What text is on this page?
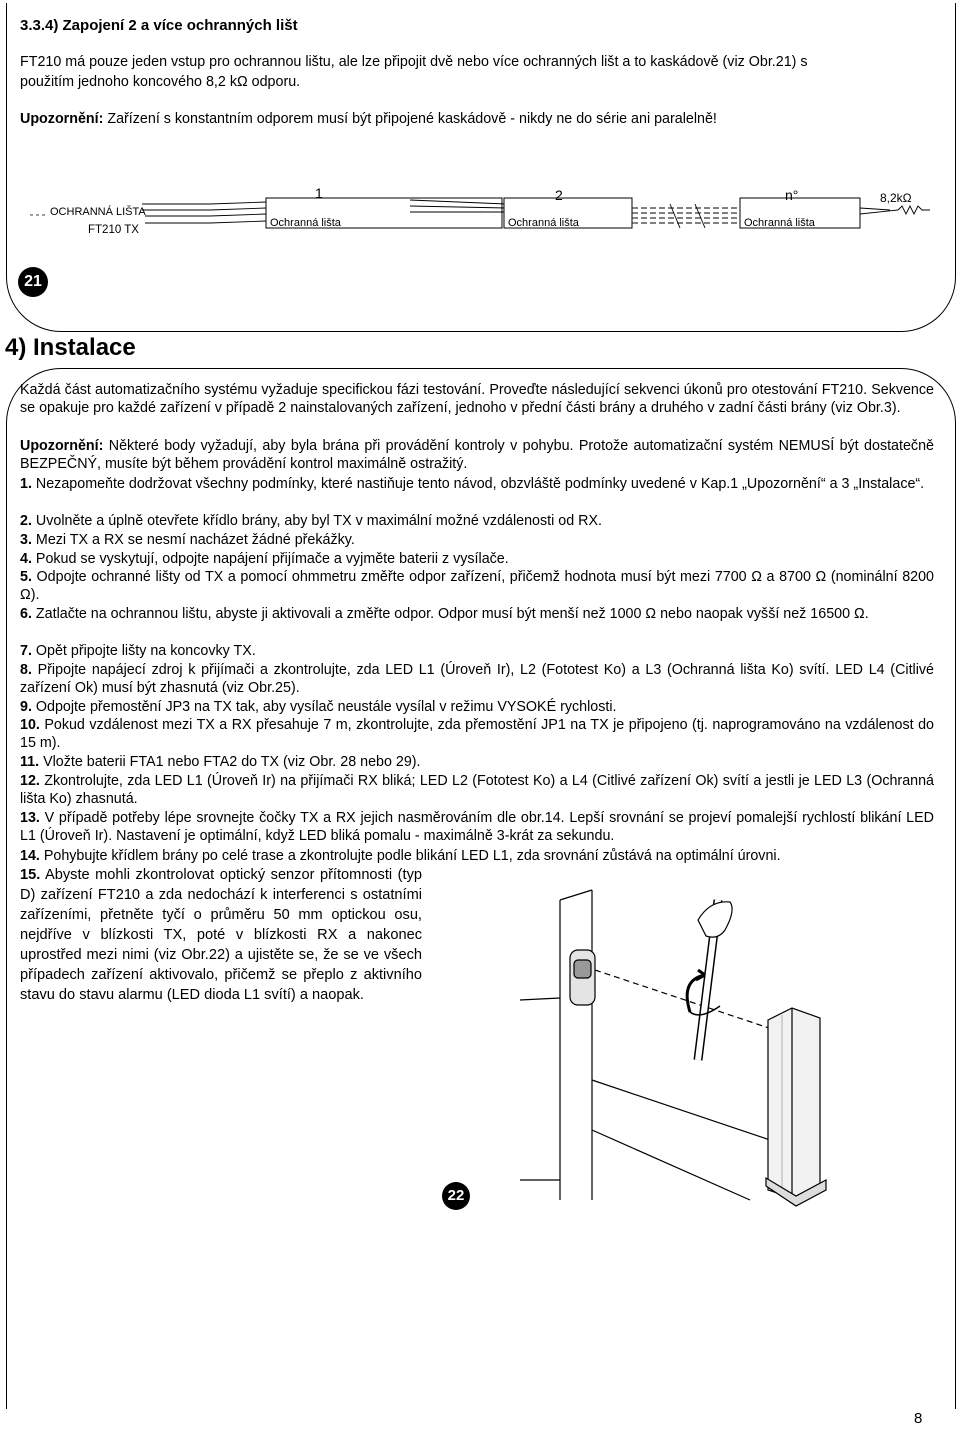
3.3.4) Zapojení 2 a více ochranných lišt
FT210 má pouze jeden vstup pro ochrannou lištu, ale lze připojit dvě nebo více ochranných lišt a to kaskádově (viz Obr.21) s
použitím jednoho koncového 8,2 kΩ odporu.
Upozornění: Zařízení s konstantním odporem musí být připojené kaskádově - nikdy ne do série ani paralelně!
OCHRANNÁ LIŠTA
FT210 TX
Ochranná lišta
1
Ochranná lišta
2
Ochranná lišta
n°	8,2kΩ
21
4) Instalace
Každá část automatizačního systému vyžaduje specifickou fázi testování. Proveďte následující sekvenci úkonů pro otestování FT210. Sekvence se opakuje pro každé zařízení v případě 2 nainstalovaných zařízení, jednoho v přední části brány a druhého v zadní části brány (viz Obr.3).
Upozornění: Některé body vyžadují, aby byla brána při provádění kontroly v pohybu. Protože automatizační systém NEMUSÍ být dostatečně BEZPEČNÝ, musíte být během provádění kontrol maximálně ostražitý.
1. Nezapomeňte dodržovat všechny podmínky, které nastiňuje tento návod, obzvláště podmínky uvedené v Kap.1 „Upozornění“ a 3 „Instalace“.
2. Uvolněte a úplně otevřete křídlo brány, aby byl TX v maximální možné vzdálenosti od RX.
3. Mezi TX a RX se nesmí nacházet žádné překážky.
4. Pokud se vyskytují, odpojte napájení přijímače a vyjměte baterii z vysílače.
5. Odpojte ochranné lišty od TX a pomocí ohmmetru změřte odpor zařízení, přičemž hodnota musí být mezi 7700 Ω a 8700 Ω (nominální 8200 Ω).
6. Zatlačte na ochrannou lištu, abyste ji aktivovali a změřte odpor. Odpor musí být menší než 1000 Ω nebo naopak vyšší než 16500 Ω.
7. Opět připojte lišty na koncovky TX.
8. Připojte napájecí zdroj k přijímači a zkontrolujte, zda LED L1 (Úroveň Ir), L2 (Fototest Ko) a L3 (Ochranná lišta Ko) svítí. LED L4 (Citlivé zařízení Ok) musí být zhasnutá (viz Obr.25).
9. Odpojte přemostění JP3 na TX tak, aby vysílač neustále vysílal v režimu VYSOKÉ rychlosti.
10. Pokud vzdálenost mezi TX a RX přesahuje 7 m, zkontrolujte, zda přemostění JP1 na TX je připojeno (tj. naprogramováno na vzdálenost do 15 m).
11. Vložte baterii FTA1 nebo FTA2 do TX (viz Obr. 28 nebo 29).
12. Zkontrolujte, zda LED L1 (Úroveň Ir) na přijímači RX bliká; LED L2 (Fototest Ko) a L4 (Citlivé zařízení Ok) svítí a jestli je LED L3 (Ochranná lišta Ko) zhasnutá.
13. V případě potřeby lépe srovnejte čočky TX a RX jejich nasměrováním dle obr.14. Lepší srovnání se projeví pomalejší rychlostí blikání LED L1 (Úroveň Ir). Nastavení je optimální, když LED bliká pomalu - maximálně 3-krát za sekundu.
14. Pohybujte křídlem brány po celé trase a zkontrolujte podle blikání LED L1, zda srovnání zůstává na optimální úrovni.
15. Abyste mohli zkontrolovat optický senzor přítomnosti (typ D) zařízení FT210 a zda nedochází k interferenci s ostatními zařízeními, přetněte tyčí o průměru 50 mm optickou osu, nejdříve v blízkosti TX, poté v blízkosti RX a nakonec uprostřed mezi nimi (viz Obr.22) a ujistěte se, že se ve všech případech zařízení aktivovalo, přičemž se přeplo z aktivního stavu do stavu alarmu (LED dioda L1 svítí) a naopak.
22
8
